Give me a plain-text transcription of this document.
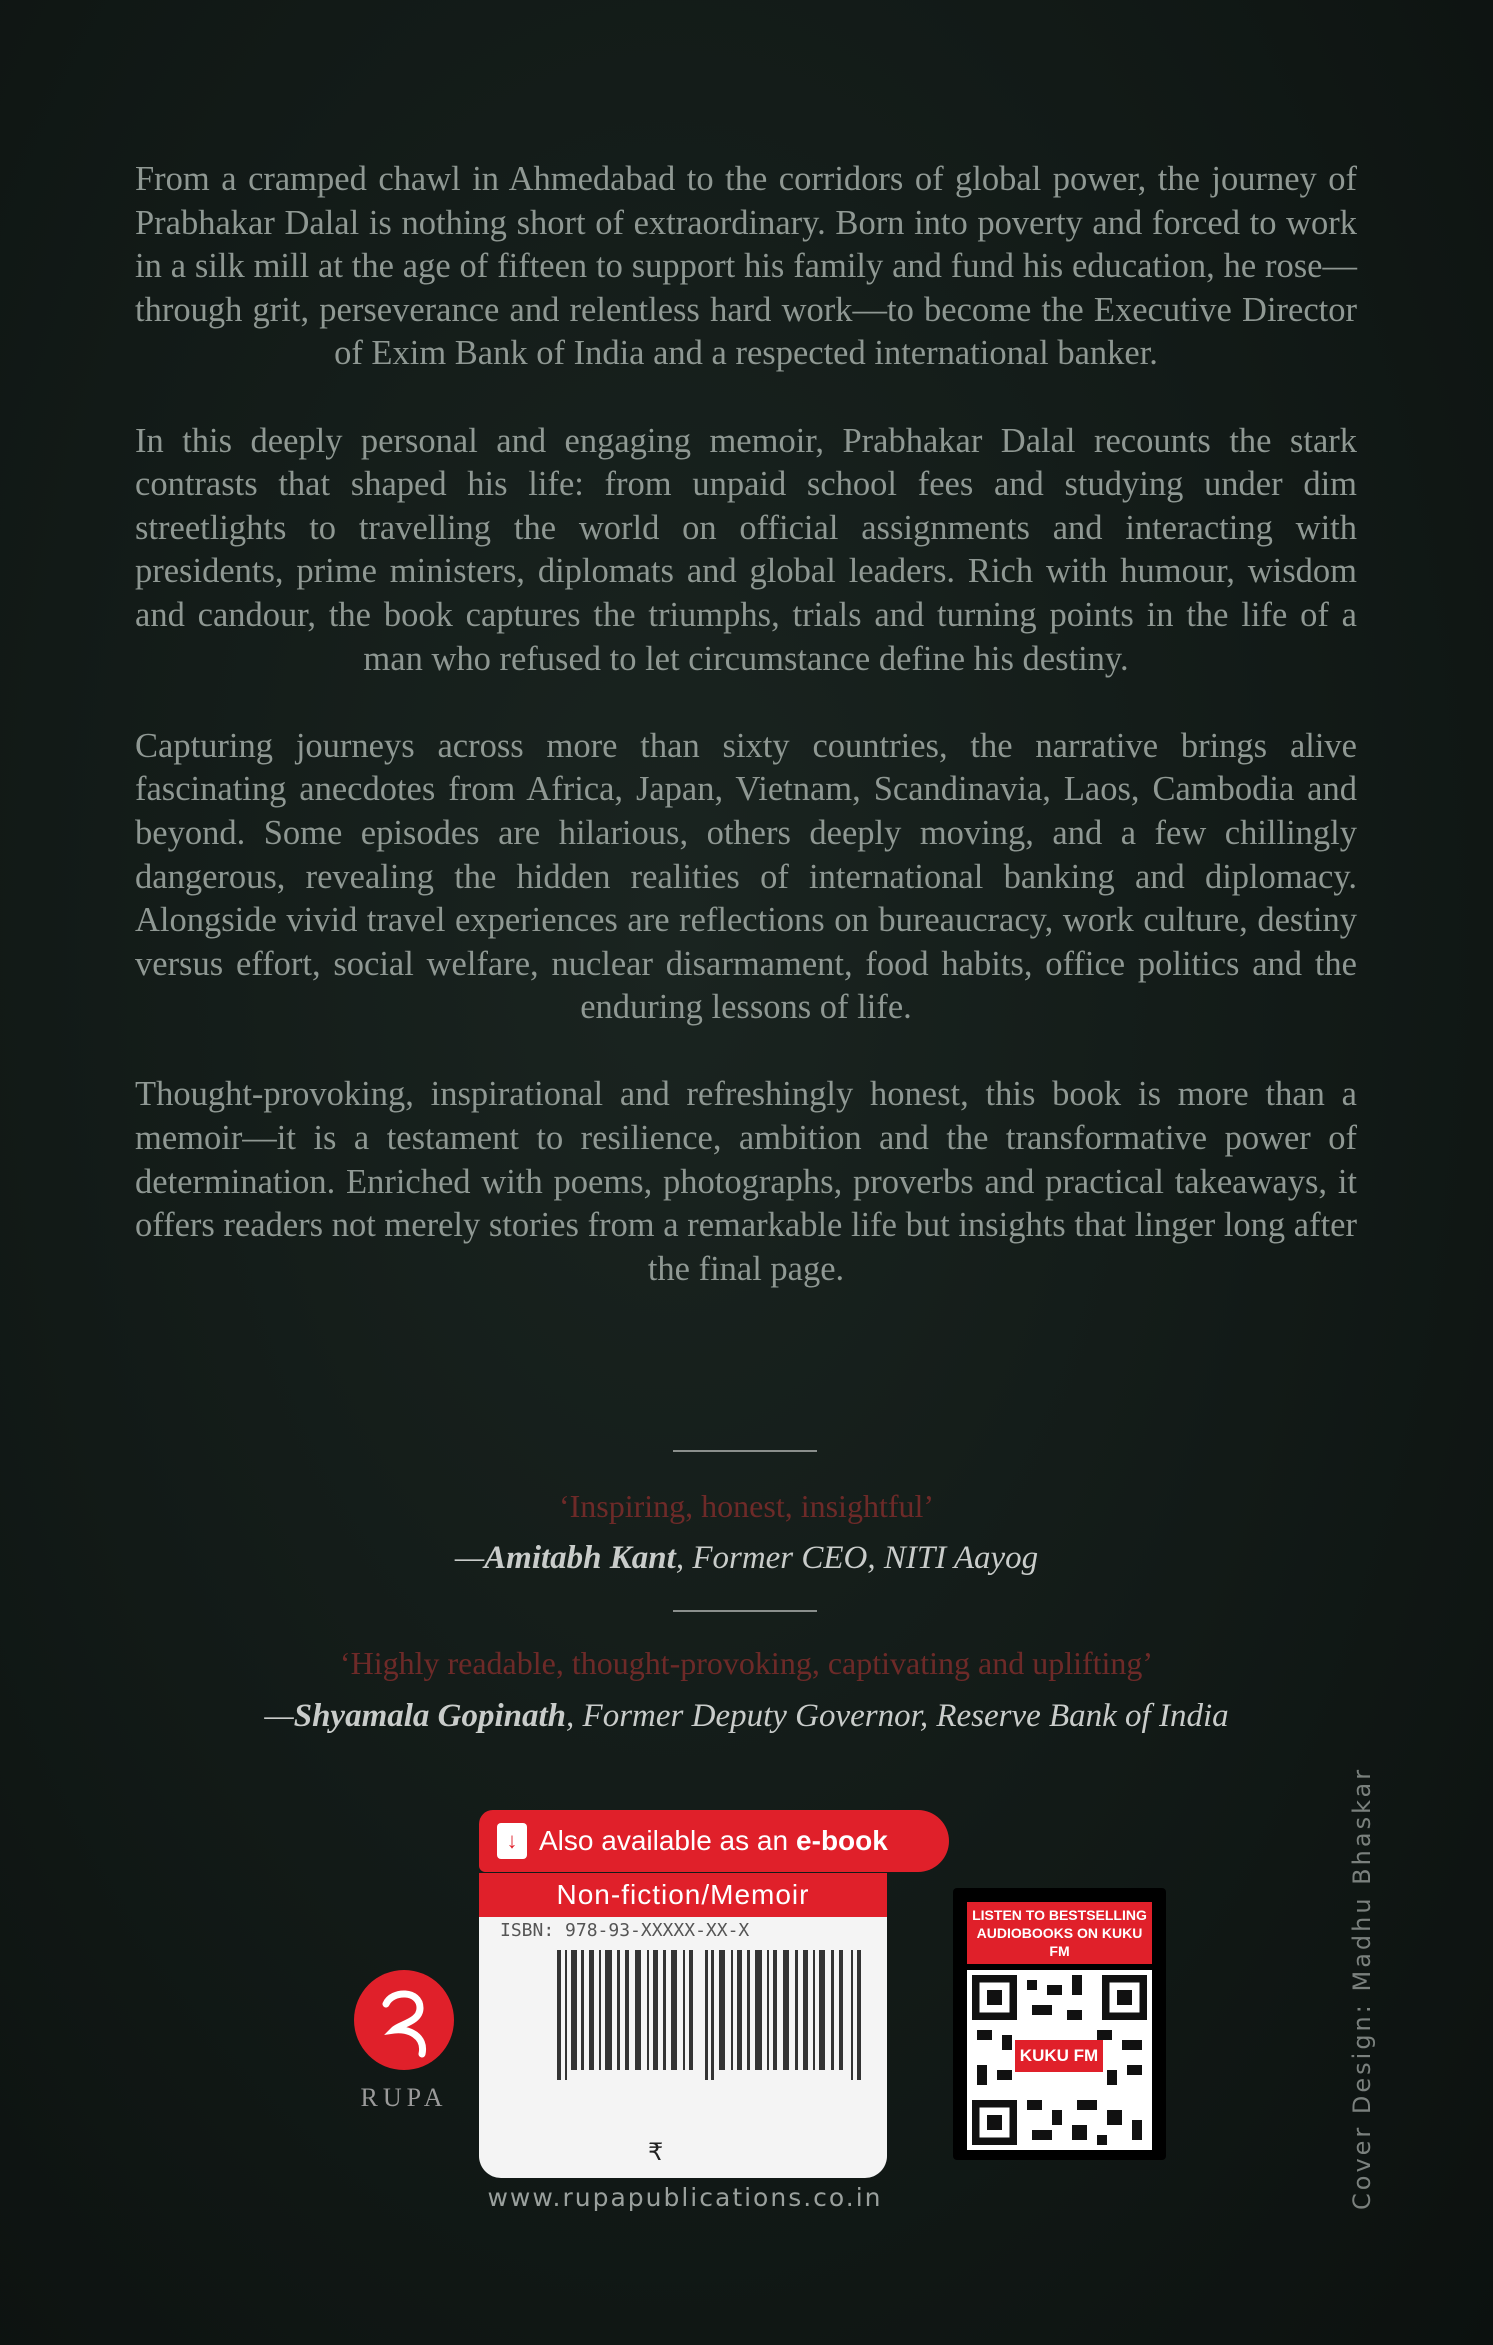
From a cramped chawl in Ahmedabad to the corridors of global power, the journey of Prabhakar Dalal is nothing short of extraordinary. Born into poverty and forced to work in a silk mill at the age of fifteen to support his family and fund his education, he rose—through grit, perseverance and relentless hard work—to become the Executive Director of Exim Bank of India and a respected international banker.

In this deeply personal and engaging memoir, Prabhakar Dalal recounts the stark contrasts that shaped his life: from unpaid school fees and studying under dim streetlights to travelling the world on official assignments and interacting with presidents, prime ministers, diplomats and global leaders. Rich with humour, wisdom and candour, the book captures the triumphs, trials and turning points in the life of a man who refused to let circumstance define his destiny.

Capturing journeys across more than sixty countries, the narrative brings alive fascinating anecdotes from Africa, Japan, Vietnam, Scandinavia, Laos, Cambodia and beyond. Some episodes are hilarious, others deeply moving, and a few chillingly dangerous, revealing the hidden realities of international banking and diplomacy. Alongside vivid travel experiences are reflections on bureaucracy, work culture, destiny versus effort, social welfare, nuclear disarmament, food habits, office politics and the enduring lessons of life.

Thought-provoking, inspirational and refreshingly honest, this book is more than a memoir—it is a testament to resilience, ambition and the transformative power of determination. Enriched with poems, photographs, proverbs and practical takeaways, it offers readers not merely stories from a remarkable life but insights that linger long after the final page.

‘Inspiring, honest, insightful’
—Amitabh Kant, Former CEO, NITI Aayog
‘Highly readable, thought-provoking, captivating and uplifting’
—Shyamala Gopinath, Former Deputy Governor, Reserve Bank of India
RUPA
↓ Also available as an e-book
Non-fiction/Memoir
ISBN: 978-93-XXXXX-XX-X
₹
www.rupapublications.co.in
LISTEN TO BESTSELLING AUDIOBOOKS ON KUKU FM
KUKU FM	Cover Design: Madhu Bhaskar
